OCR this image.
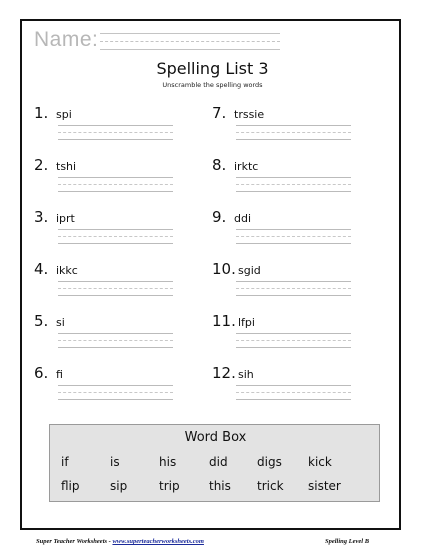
Name:
Spelling List 3
Unscramble the spelling words
1. spi
2. tshi
3. iprt
4. ikkc
5. si
6. fi
7. trssie
8. irktc
9. ddi
10. sgid
11. lfpi
12. sih
Word Box
if	is	his	did digs kick
flip	sip	trip this trick sister
Super Teacher Worksheets - www.superteacherworksheets.com	Spelling Level B
